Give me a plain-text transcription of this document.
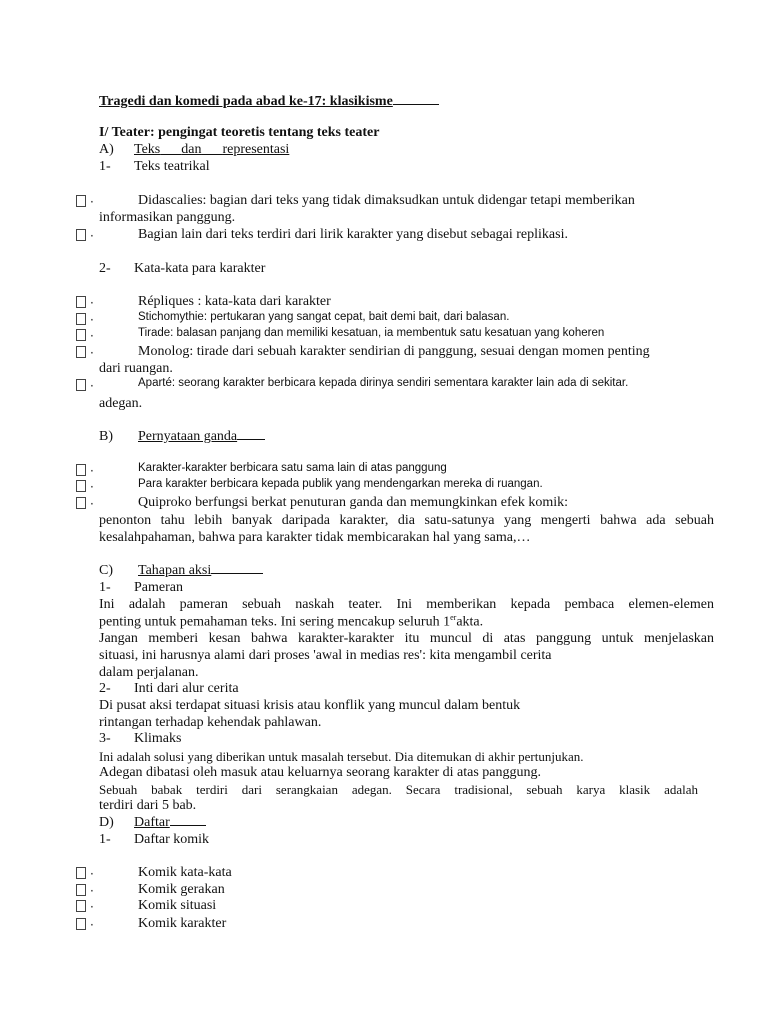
Tragedi dan komedi pada abad ke-17: klasikisme
I/ Teater: pengingat teoretis tentang teks teater
A) Teks dan representasi
1- Teks teatrikal
·	Didascalies: bagian dari teks yang tidak dimaksudkan untuk didengar tetapi memberikan
informasikan panggung.
·	Bagian lain dari teks terdiri dari lirik karakter yang disebut sebagai replikasi.
2- Kata-kata para karakter
·	Répliques : kata-kata dari karakter
·	Stichomythie: pertukaran yang sangat cepat, bait demi bait, dari balasan.
·	Tirade: balasan panjang dan memiliki kesatuan, ia membentuk satu kesatuan yang koheren
·	Monolog: tirade dari sebuah karakter sendirian di panggung, sesuai dengan momen penting
dari ruangan.
·	Aparté: seorang karakter berbicara kepada dirinya sendiri sementara karakter lain ada di sekitar.
adegan.
B) Pernyataan ganda
·	Karakter-karakter berbicara satu sama lain di atas panggung
·	Para karakter berbicara kepada publik yang mendengarkan mereka di ruangan.
·	Quiproko berfungsi berkat penuturan ganda dan memungkinkan efek komik:
penonton tahu lebih banyak daripada karakter, dia satu-satunya yang mengerti bahwa ada sebuah
kesalahpahaman, bahwa para karakter tidak membicarakan hal yang sama,…
C) Tahapan aksi
1- Pameran
Ini adalah pameran sebuah naskah teater. Ini memberikan kepada pembaca elemen-elemen
penting untuk pemahaman teks. Ini sering mencakup seluruh 1erakta.
Jangan memberi kesan bahwa karakter-karakter itu muncul di atas panggung untuk menjelaskan
situasi, ini harusnya alami dari proses 'awal in medias res': kita mengambil cerita
dalam perjalanan.
2- Inti dari alur cerita
Di pusat aksi terdapat situasi krisis atau konflik yang muncul dalam bentuk
rintangan terhadap kehendak pahlawan.
3- Klimaks
Ini adalah solusi yang diberikan untuk masalah tersebut. Dia ditemukan di akhir pertunjukan.
Adegan dibatasi oleh masuk atau keluarnya seorang karakter di atas panggung.
Sebuah babak terdiri dari serangkaian adegan. Secara tradisional, sebuah karya klasik adalah
terdiri dari 5 bab.
D) Daftar
1- Daftar komik
·	Komik kata-kata
·	Komik gerakan
·	Komik situasi
·	Komik karakter
